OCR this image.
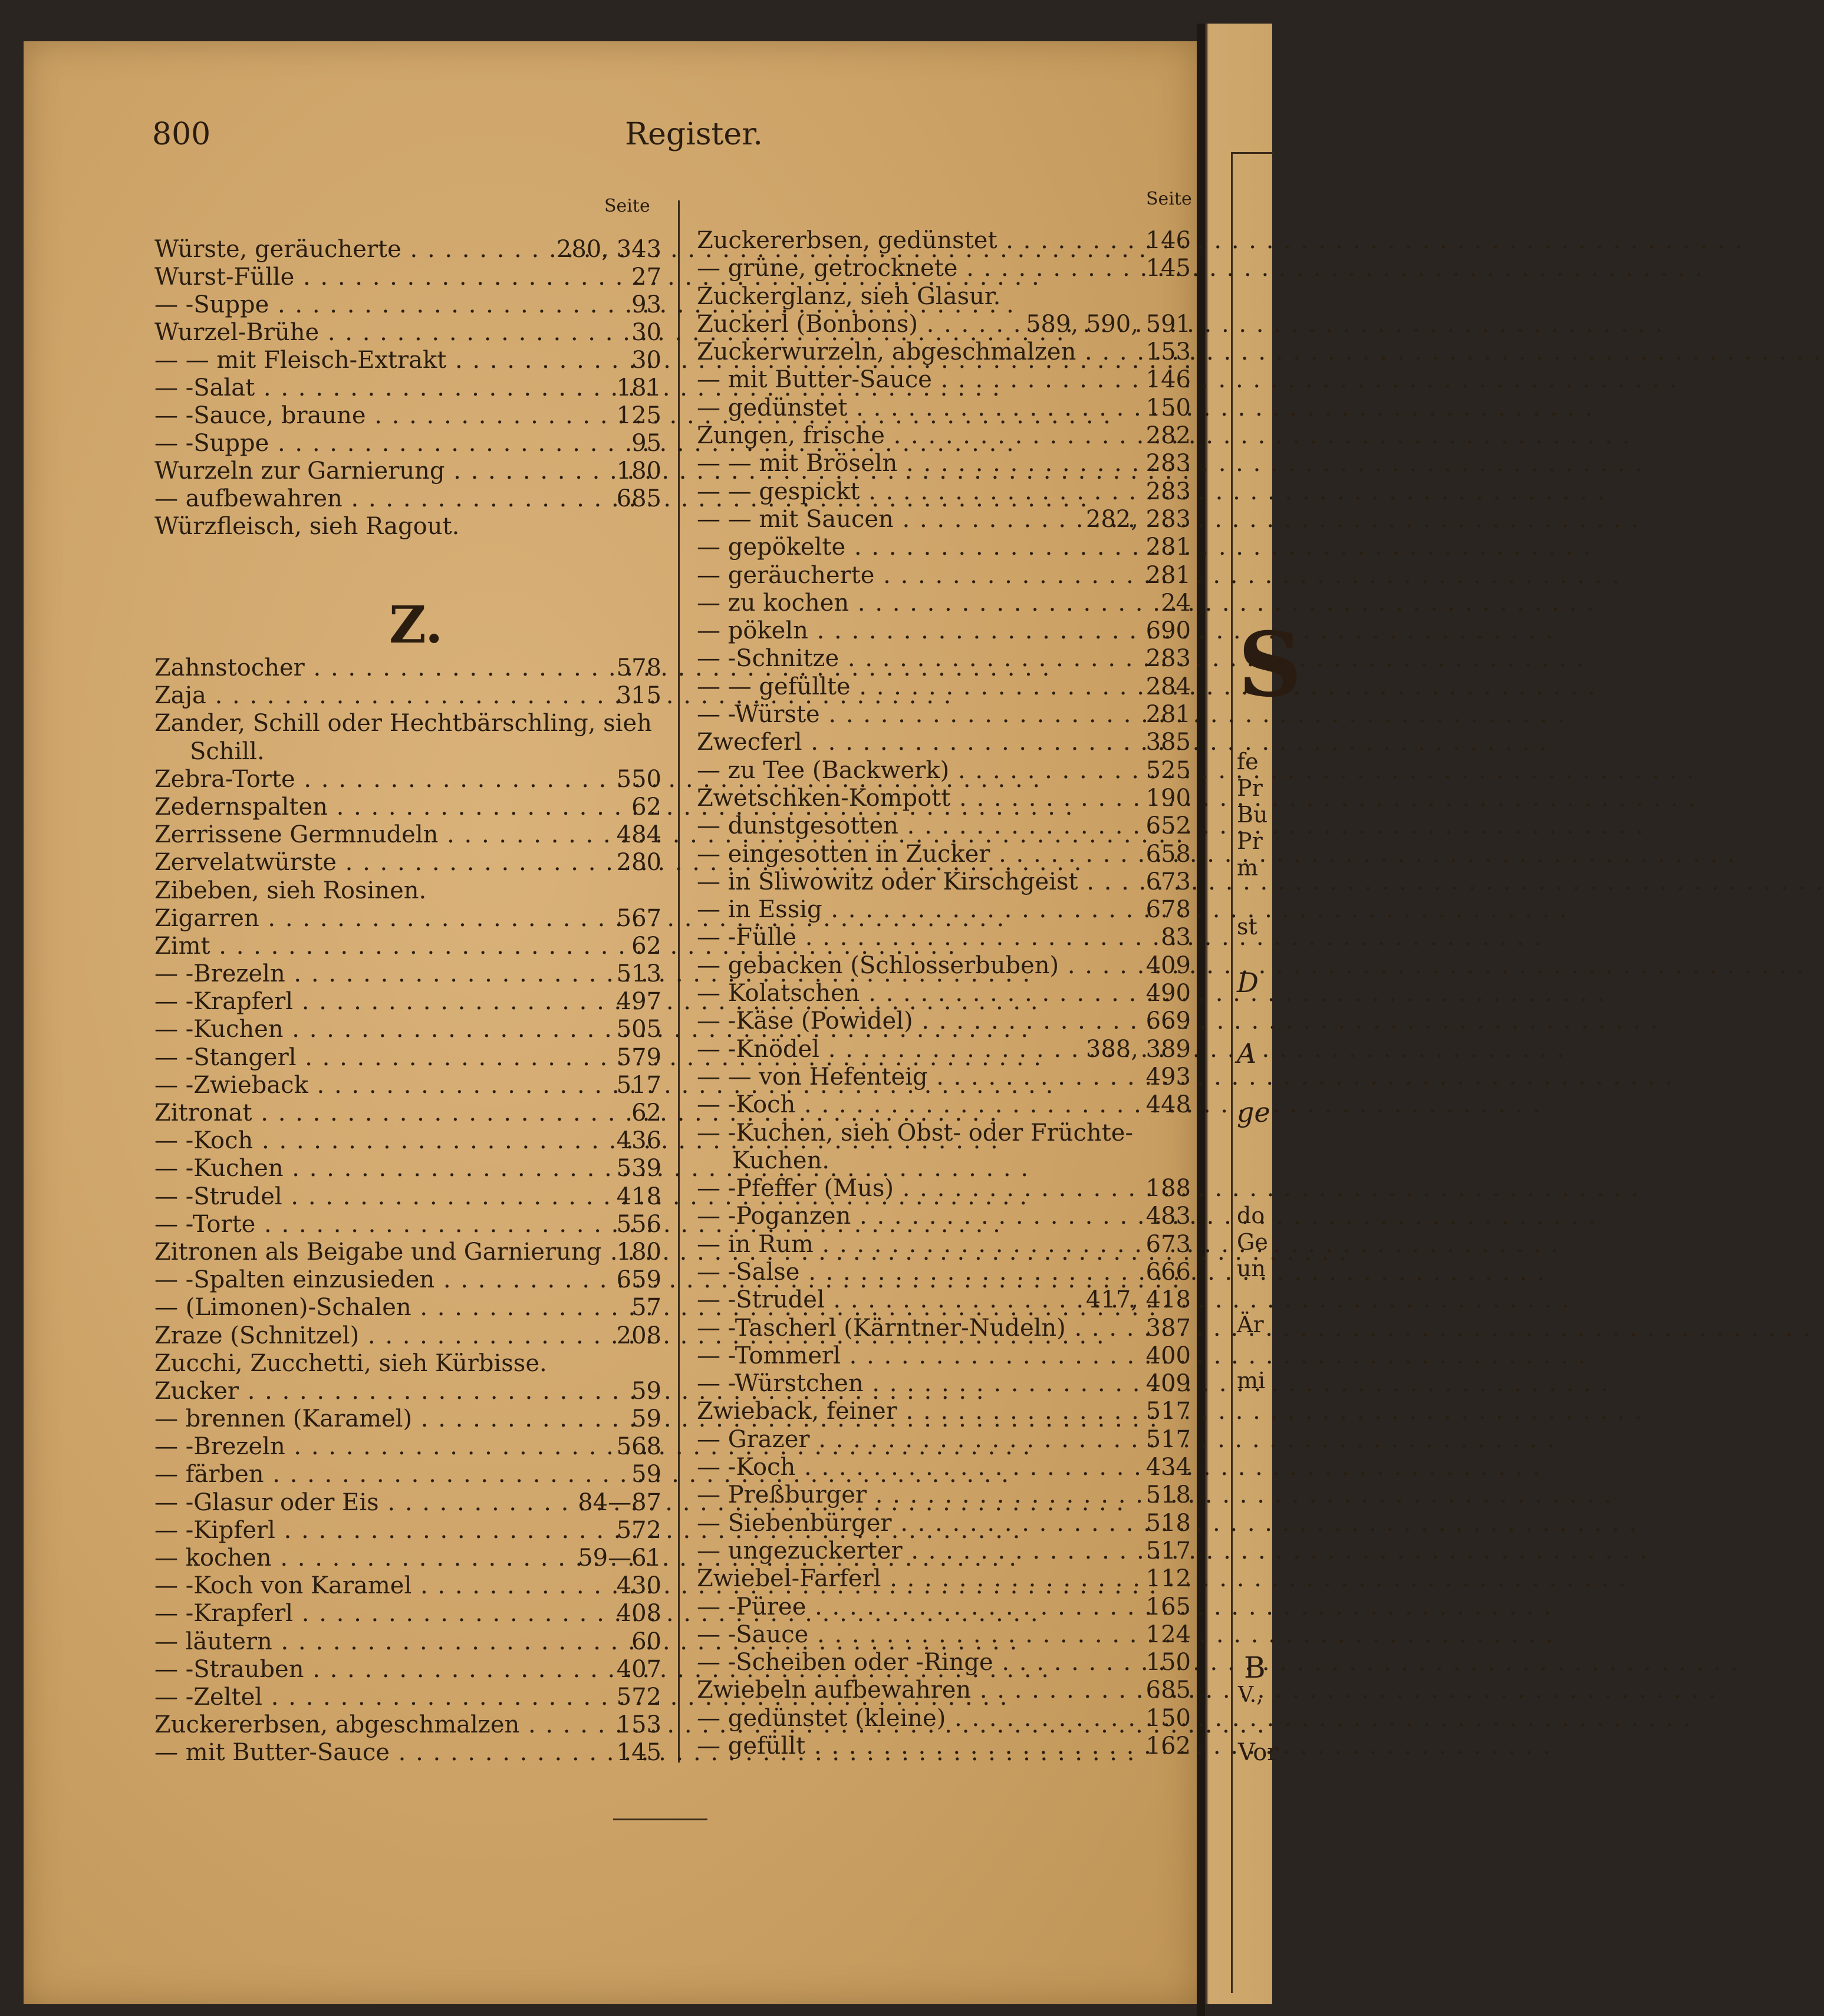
800	Register.
Seite	Seite
Würste, geräucherte . . .	280, 343
Wurst-Fülle . . .	27
— -Suppe . . .	93
Wurzel-Brühe . . .	30
— — mit Fleisch-Extrakt . . .	30
— -Salat . . .	181
— -Sauce, braune . . .	125
— -Suppe . . .	95
Wurzeln zur Garnierung . . .	180
— aufbewahren . . .	685
Würzfleisch, sieh Ragout.
Z.
Zahnstocher . . .	578
Zaja . . .	315
Zander, Schill oder Hechtbärschling, sieh
Schill.
Zebra-Torte . . .	550
Zedernspalten . . .	62
Zerrissene Germnudeln . . .	484
Zervelatwürste . . .	280
Zibeben, sieh Rosinen.
Zigarren . . .	567
Zimt . . .	62
— -Brezeln . . .	513
— -Krapferl . . .	497
— -Kuchen . . .	505
— -Stangerl . . .	579
— -Zwieback . . .	517
Zitronat . . .	62
— -Koch . . .	436
— -Kuchen . . .	539
— -Strudel . . .	418
— -Torte . . .	556
Zitronen als Beigabe und Garnierung . . . 180
— -Spalten einzusieden . . .	659
— (Limonen)-Schalen . . .	57
Zraze (Schnitzel) . . .	208
Zucchi, Zucchetti, sieh Kürbisse.
Zucker . . .	59
— brennen (Karamel) . . .	59
— -Brezeln . . .	568
— färben . . .	59
— -Glasur oder Eis . . .	84—87
— -Kipferl . . .	572
— kochen . . .	59—61
— -Koch von Karamel . . .	430
— -Krapferl . . .	408
— läutern . . .	60
— -Strauben . . .	407
— -Zeltel . . .	572
Zuckererbsen, abgeschmalzen . . .	153
— mit Butter-Sauce . . .	145
Zuckererbsen, gedünstet . . .	146
— grüne, getrocknete . . .	145
Zuckerglanz, sieh Glasur.
Zuckerl (Bonbons) . . .	589, 590, 591
Zuckerwurzeln, abgeschmalzen . . .	153
— mit Butter-Sauce . . .	146
— gedünstet . . .	150
Zungen, frische . . .	282
— — mit Bröseln . . .	283
— — gespickt . . .	283
— — mit Saucen . . .	282, 283
— gepökelte . . .	281
— geräucherte . . .	281
— zu kochen . . .	24
— pökeln . . .	690
— -Schnitze . . .	283
— — gefüllte . . .	284
— -Würste . . .	281
Zwecferl . . .	385
— zu Tee (Backwerk) . . .	525
Zwetschken-Kompott . . .	190
— dunstgesotten . . .	652
— eingesotten in Zucker . . .	658
— in Sliwowitz oder Kirschgeist . . .	673
— in Essig . . .	678
— -Fülle . . .	83
— gebacken (Schlosserbuben) . . .	409
— Kolatschen . . .	490
— -Käse (Powidel) . . .	669
— -Knödel . . .	388, 389
— — von Hefenteig . . .	493
— -Koch . . .	448
— -Kuchen, sieh Obst- oder Früchte-
Kuchen.
— -Pfeffer (Mus) . . .	188
— -Poganzen . . .	483
— in Rum . . .	673
— -Salse . . .	666
— -Strudel . . .	417, 418
— -Tascherl (Kärntner-Nudeln) . . .	387
— -Tommerl . . .	400
— -Würstchen . . .	409
Zwieback, feiner . . .	517
— Grazer . . .	517
— -Koch . . .	434
— Preßburger . . .	518
— Siebenbürger . . .	518
— ungezuckerter . . .	517
Zwiebel-Farferl . . .	112
— -Püree . . .	165
— -Sauce . . .	124
— -Scheiben oder -Ringe . . .	150
Zwiebeln aufbewahren . . .	685
— gedünstet (kleine) . . .	150
— gefüllt . . .	162
S
fe
Pr
Bu
Pr
m
st
D
A
ge
do
Ge
un
Är
mi
B
V.,
Vor
